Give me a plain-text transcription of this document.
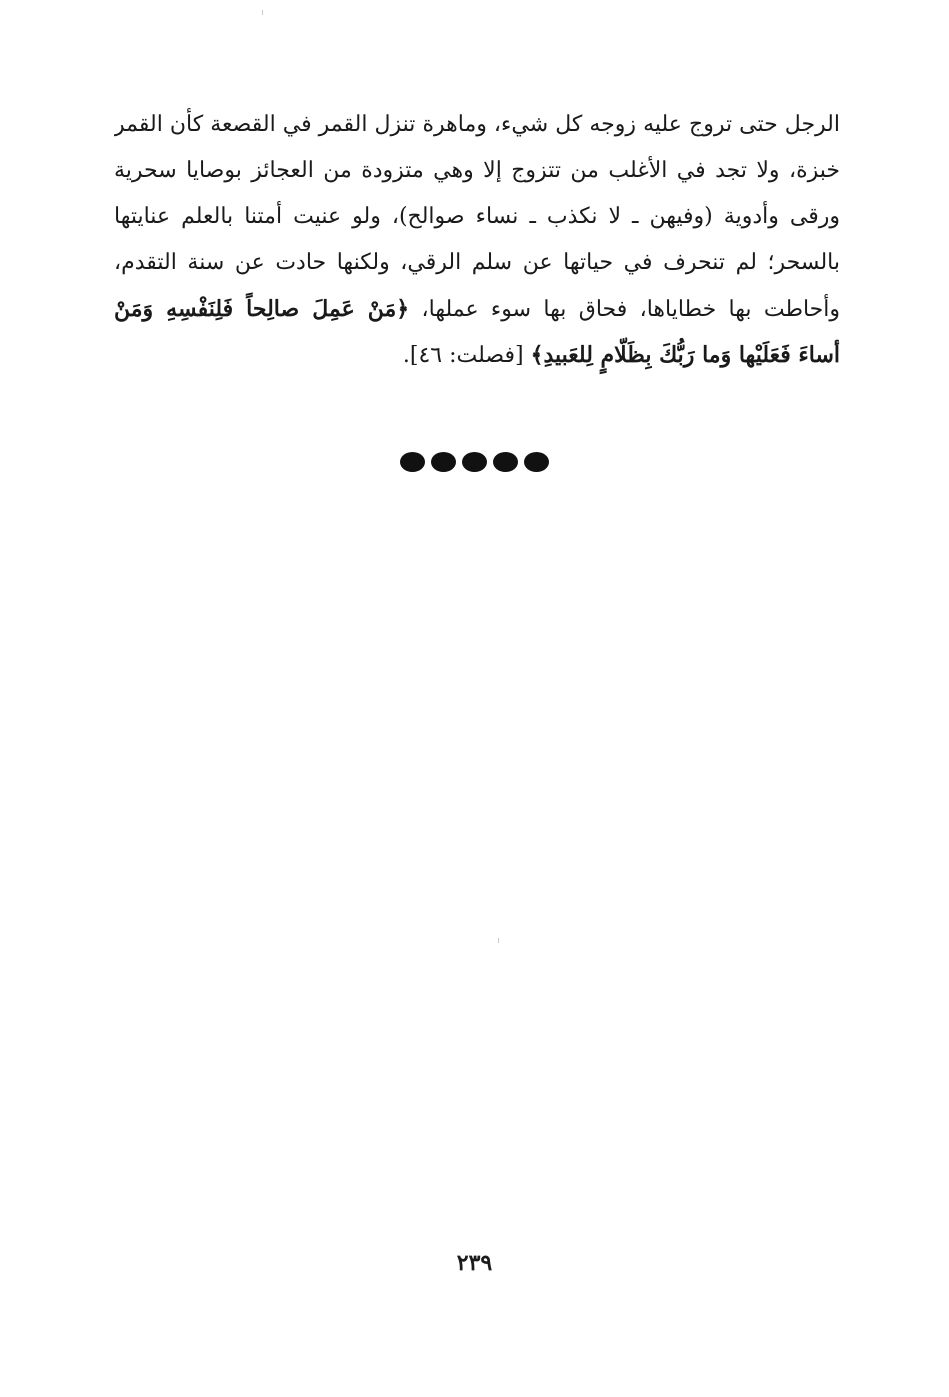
الرجل حتى تروج عليه زوجه كل شيء، وماهرة تنزل القمر في القصعة كأن القمر
خبزة، ولا تجد في الأغلب من تتزوج إلا وهي متزودة من العجائز بوصايا سحرية
ورقى وأدوية (وفيهن ـ لا نكذب ـ نساء صوالح)، ولو عنيت أمتنا بالعلم عنايتها
بالسحر؛ لم تنحرف في حياتها عن سلم الرقي، ولكنها حادت عن سنة التقدم،
وأحاطت بها خطاياها، فحاق بها سوء عملها، ﴿مَنْ عَمِلَ صالِحاً فَلِنَفْسِهِ وَمَنْ
أساءَ فَعَلَيْها وَما رَبُّكَ بِظَلّامٍ لِلعَبيدِ﴾ [فصلت: ٤٦].
٢٣٩
